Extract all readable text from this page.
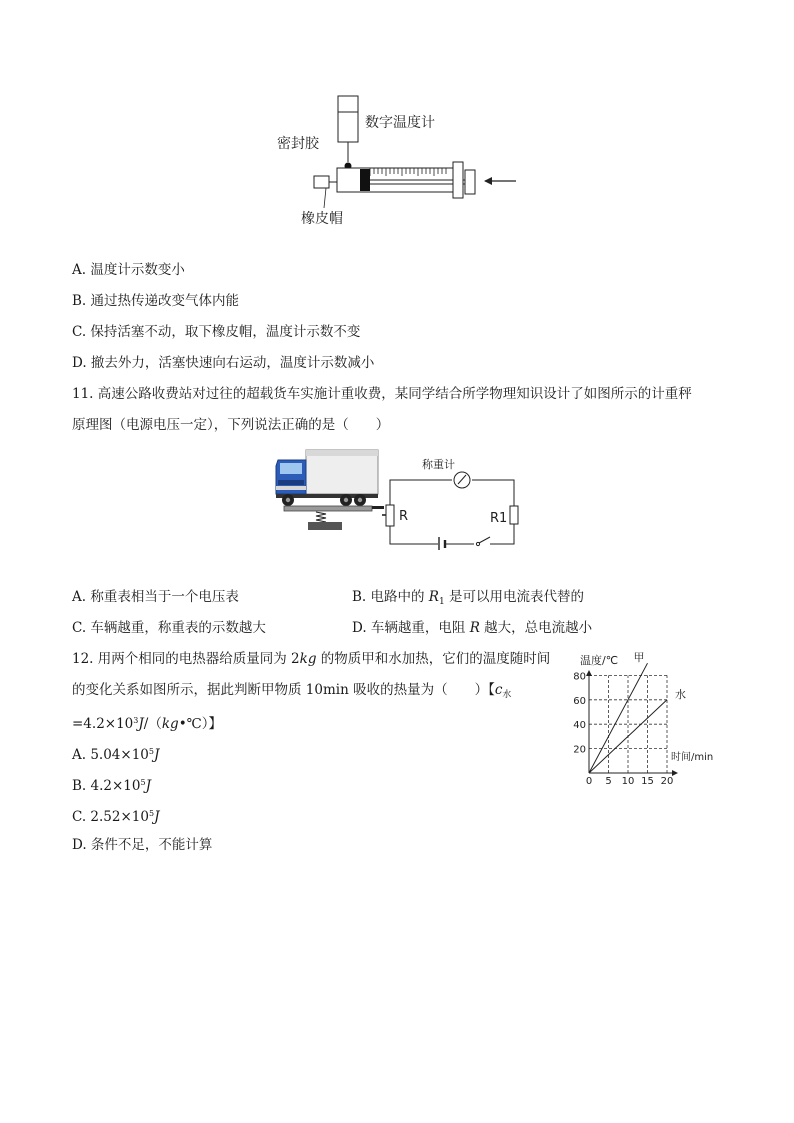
数字温度计
密封胶
橡皮帽
A. 温度计示数变小
B. 通过热传递改变气体内能
C. 保持活塞不动，取下橡皮帽，温度计示数不变
D. 撤去外力，活塞快速向右运动，温度计示数减小
11. 高速公路收费站对过往的超载货车实施计重收费，某同学结合所学物理知识设计了如图所示的计重秤
原理图（电源电压一定），下列说法正确的是（　　）
称重计
R	R1
A. 称重表相当于一个电压表	B. 电路中的 $R_1$ 是可以用电流表代替的
C. 车辆越重，称重表的示数越大	D. 车辆越重，电阻 R 越大，总电流越小
12. 用两个相同的电热器给质量同为 2kg 的物质甲和水加热，它们的温度随时间
的变化关系如图所示，据此判断甲物质 10min 吸收的热量为（　　）【$c_水$
$=4.2\times 10^3J/(kg•℃)$】
A. $5.04\times 10^5J$
B. $4.2\times 10^5J$
C. $2.52\times 10^5J$
D. 条件不足，不能计算
0 5 10 15 20
20
40
60
80
甲
水
温度/℃
时间/min
